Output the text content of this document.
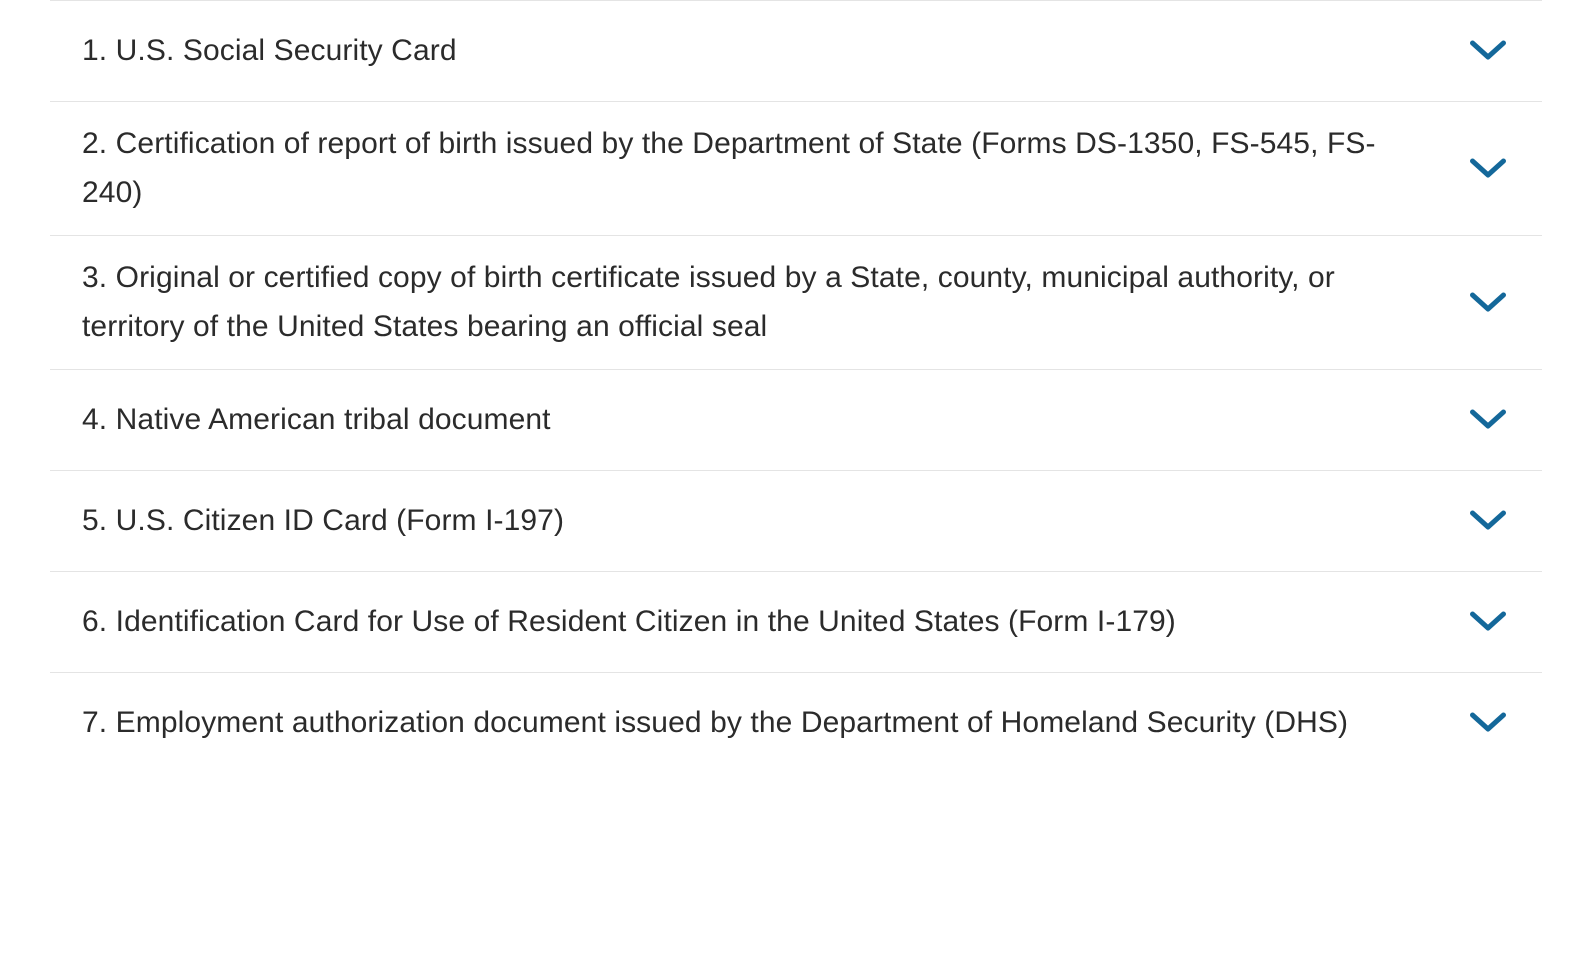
1. U.S. Social Security Card
2. Certification of report of birth issued by the Department of State (Forms DS-1350, FS-545, FS-240)
3. Original or certified copy of birth certificate issued by a State, county, municipal authority, or territory of the United States bearing an official seal
4. Native American tribal document
5. U.S. Citizen ID Card (Form I-197)
6. Identification Card for Use of Resident Citizen in the United States (Form I-179)
7. Employment authorization document issued by the Department of Homeland Security (DHS)
